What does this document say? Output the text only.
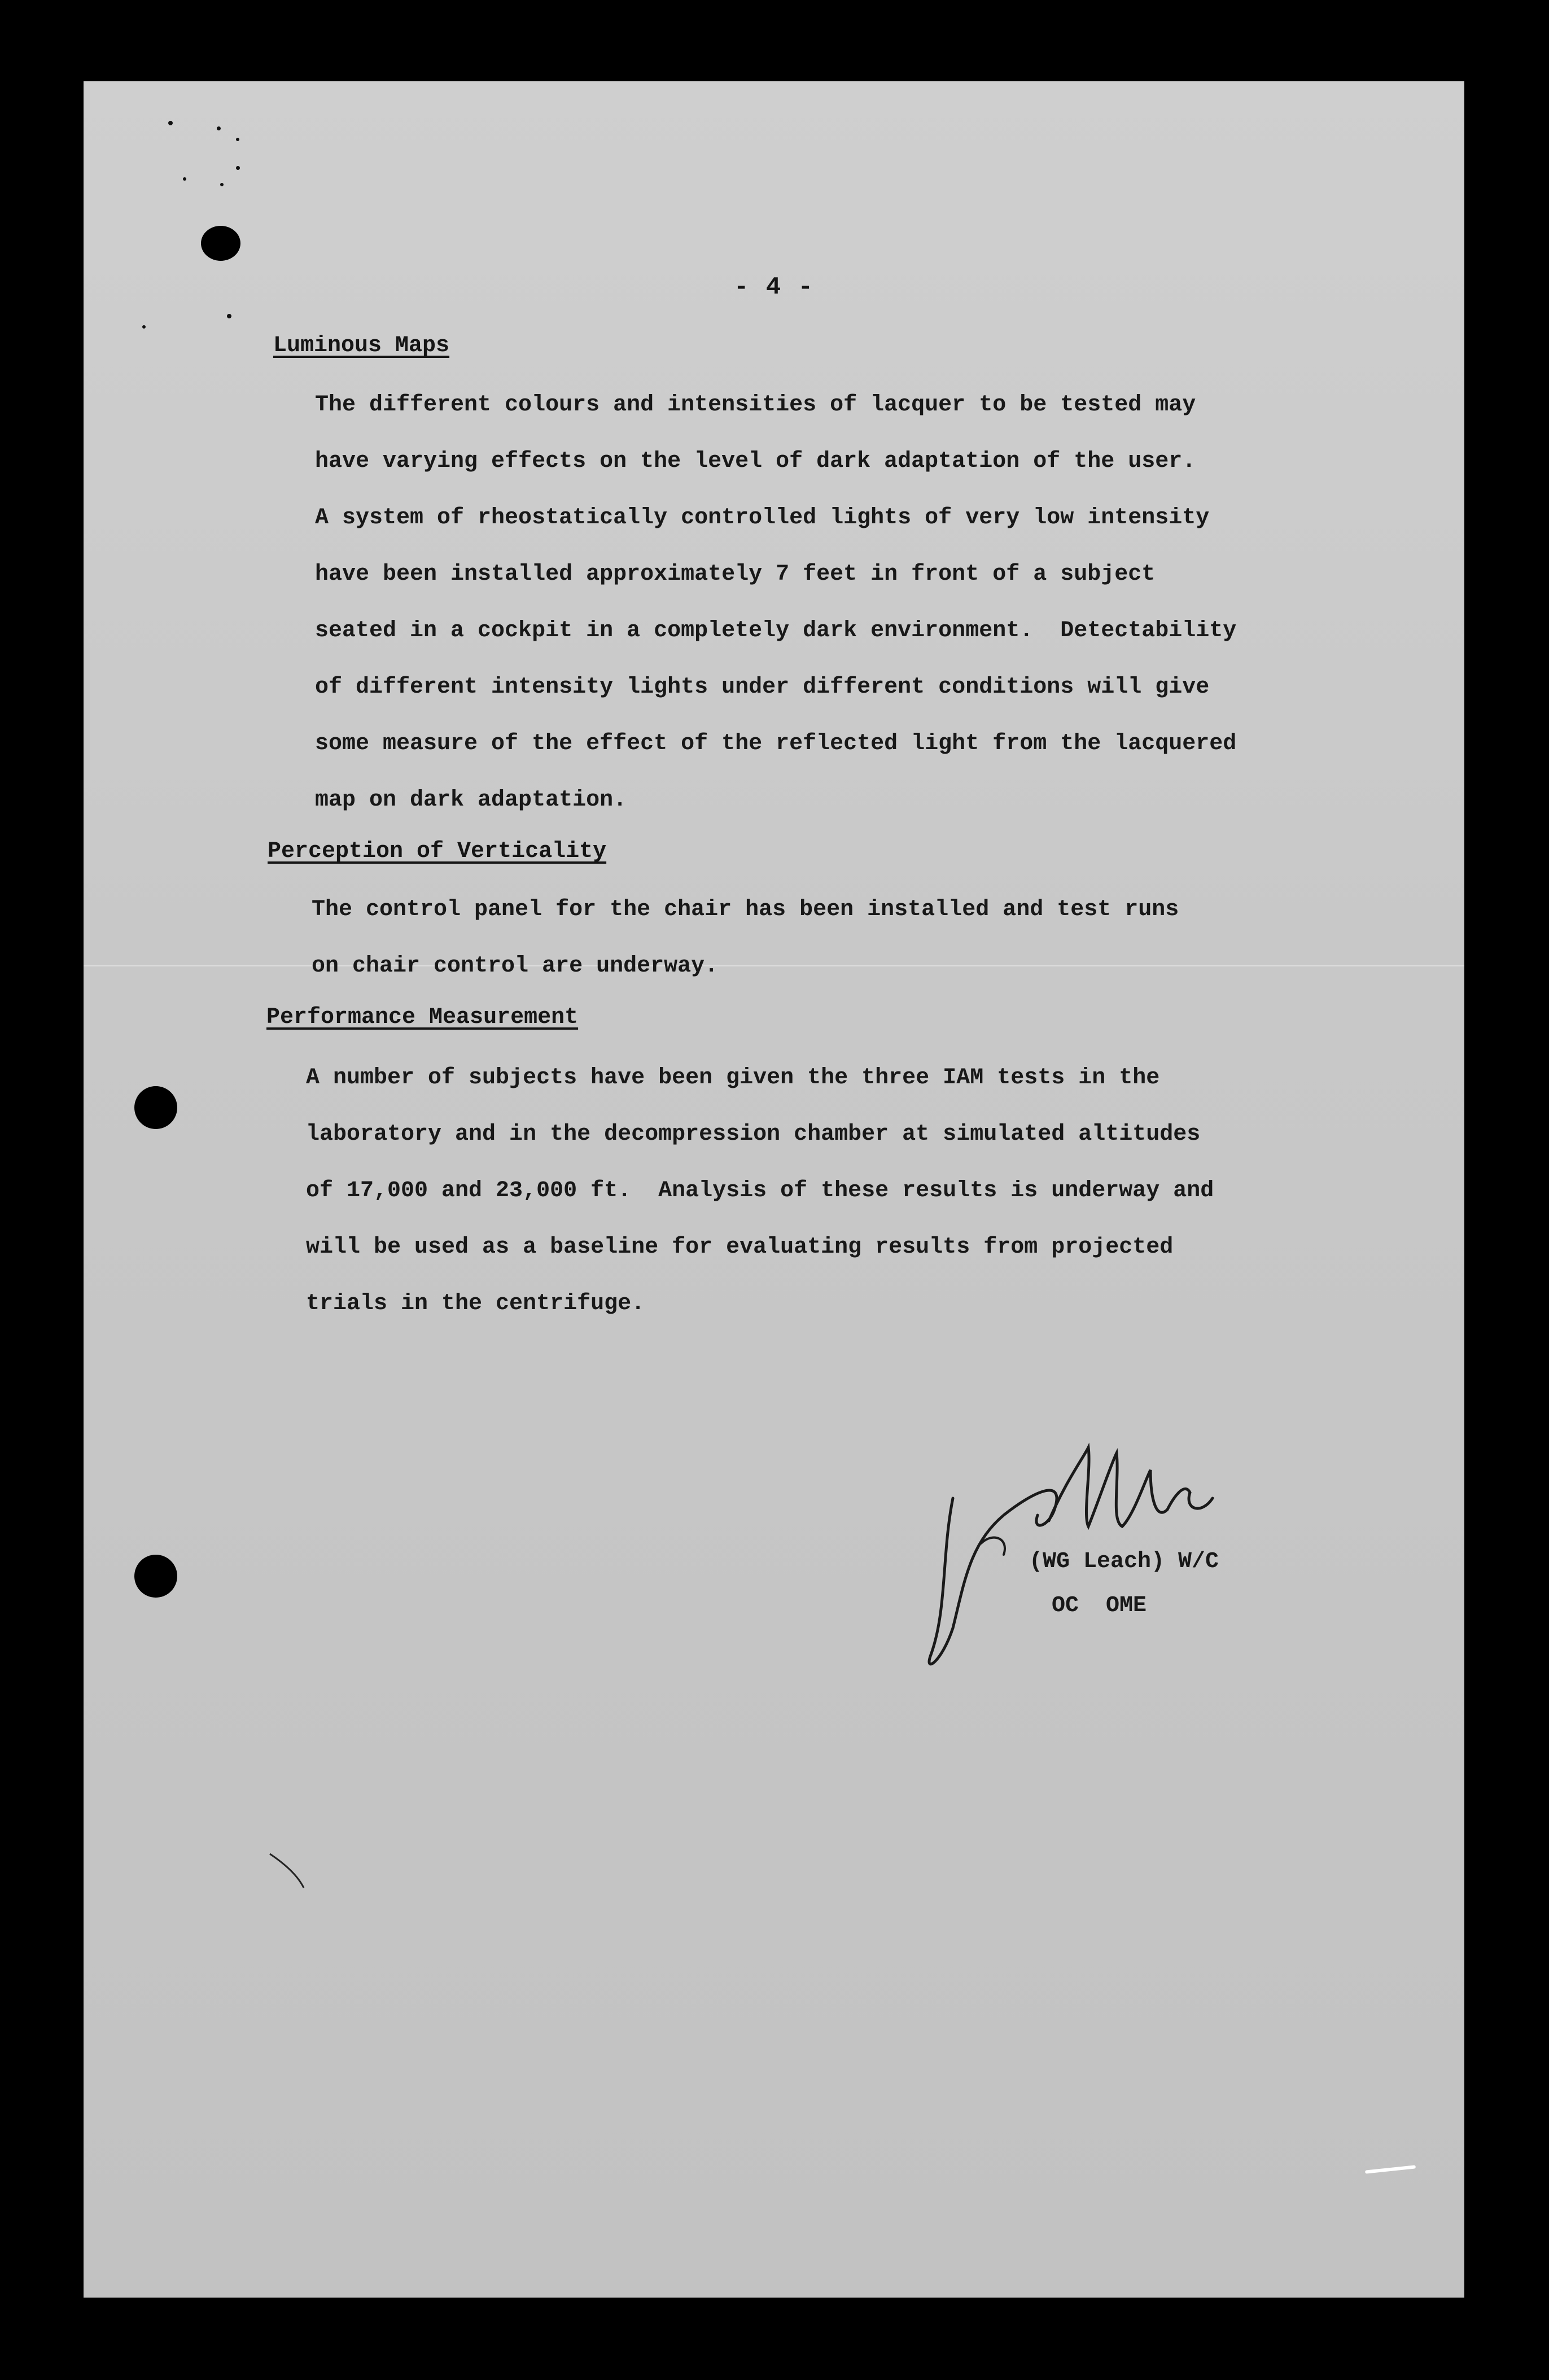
- 4 -
Luminous Maps
The different colours and intensities of lacquer to be tested may
have varying effects on the level of dark adaptation of the user.
A system of rheostatically controlled lights of very low intensity
have been installed approximately 7 feet in front of a subject
seated in a cockpit in a completely dark environment.  Detectability
of different intensity lights under different conditions will give
some measure of the effect of the reflected light from the lacquered
map on dark adaptation.
Perception of Verticality
The control panel for the chair has been installed and test runs
on chair control are underway.
Performance Measurement
A number of subjects have been given the three IAM tests in the
laboratory and in the decompression chamber at simulated altitudes
of 17,000 and 23,000 ft.  Analysis of these results is underway and
will be used as a baseline for evaluating results from projected
trials in the centrifuge.
(WG Leach) W/C
OC  OME
